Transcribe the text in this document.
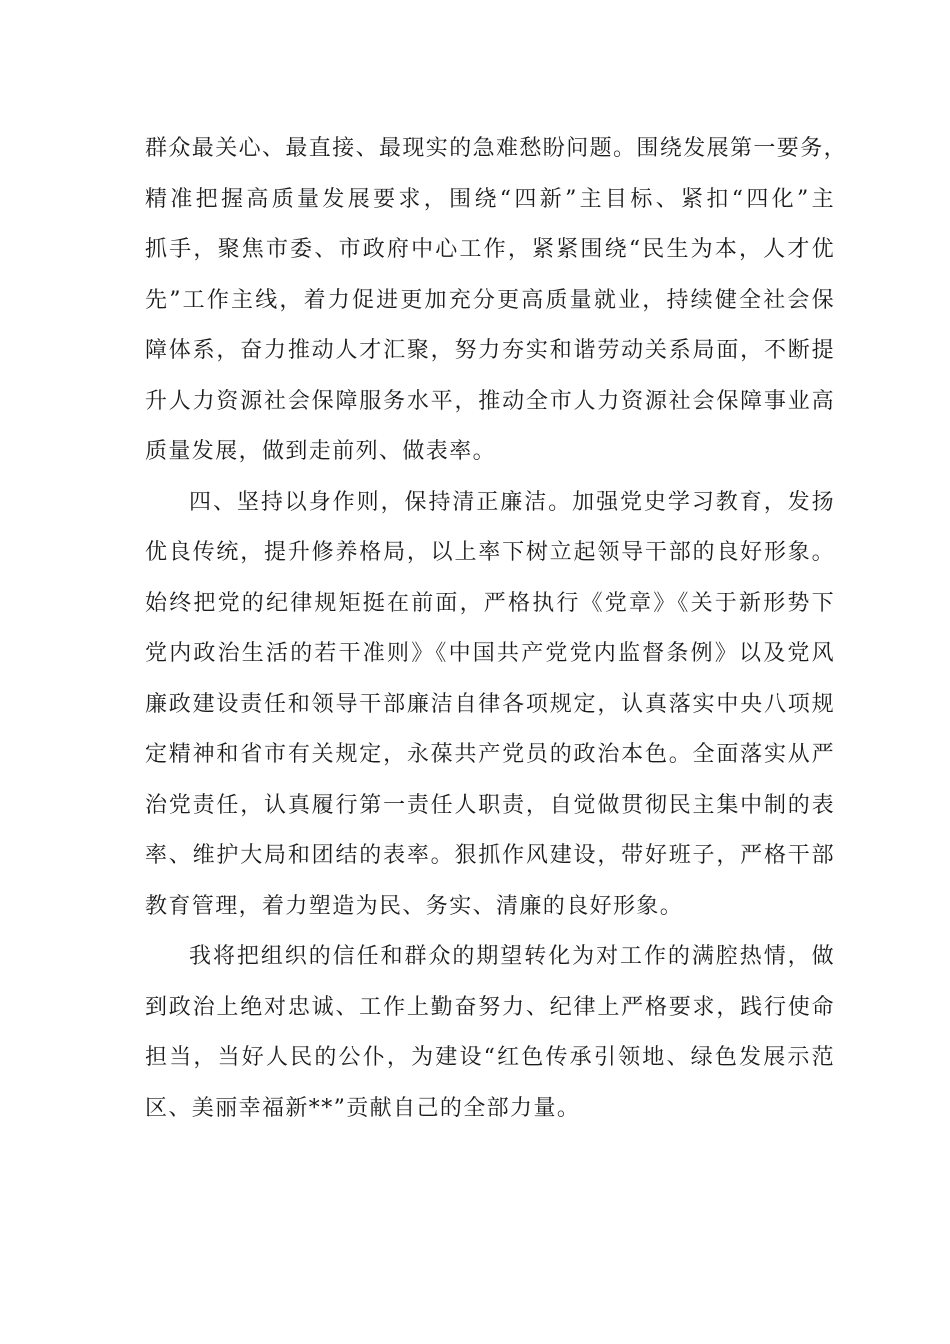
群众最关心、最直接、最现实的急难愁盼问题。围绕发展第一要务，
精准把握高质量发展要求，围绕“四新”主目标、紧扣“四化”主
抓手，聚焦市委、市政府中心工作，紧紧围绕“民生为本，人才优
先”工作主线，着力促进更加充分更高质量就业，持续健全社会保
障体系，奋力推动人才汇聚，努力夯实和谐劳动关系局面，不断提
升人力资源社会保障服务水平，推动全市人力资源社会保障事业高
质量发展，做到走前列、做表率。
四、坚持以身作则，保持清正廉洁。加强党史学习教育，发扬
优良传统，提升修养格局，以上率下树立起领导干部的良好形象。
始终把党的纪律规矩挺在前面，严格执行《党章》《关于新形势下
党内政治生活的若干准则》《中国共产党党内监督条例》以及党风
廉政建设责任和领导干部廉洁自律各项规定，认真落实中央八项规
定精神和省市有关规定，永葆共产党员的政治本色。全面落实从严
治党责任，认真履行第一责任人职责，自觉做贯彻民主集中制的表
率、维护大局和团结的表率。狠抓作风建设，带好班子，严格干部
教育管理，着力塑造为民、务实、清廉的良好形象。
我将把组织的信任和群众的期望转化为对工作的满腔热情，做
到政治上绝对忠诚、工作上勤奋努力、纪律上严格要求，践行使命
担当，当好人民的公仆，为建设“红色传承引领地、绿色发展示范
区、美丽幸福新**”贡献自己的全部力量。
